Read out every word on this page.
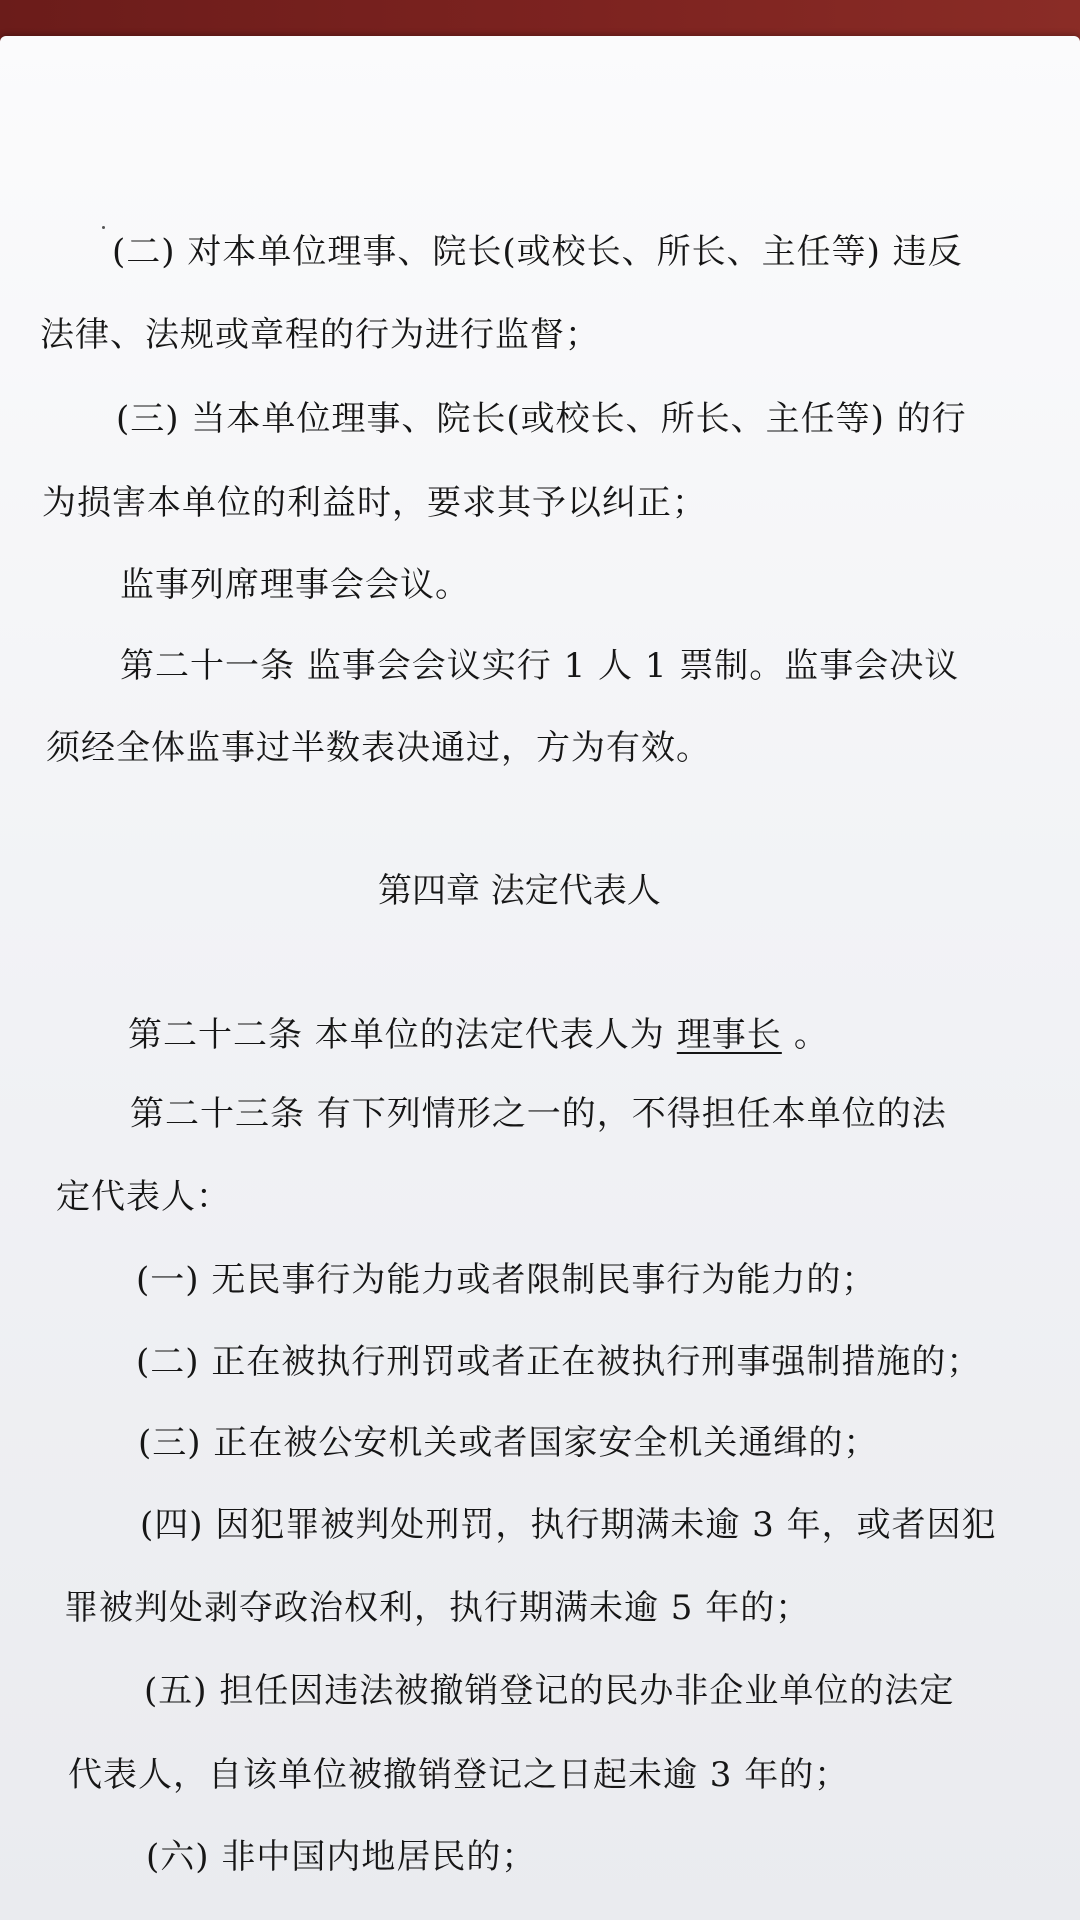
(二) 对本单位理事、院长(或校长、所长、主任等) 违反
法律、法规或章程的行为进行监督；
(三) 当本单位理事、院长(或校长、所长、主任等) 的行
为损害本单位的利益时，要求其予以纠正；
监事列席理事会会议。
第二十一条 监事会会议实行 1 人 1 票制。监事会决议
须经全体监事过半数表决通过，方为有效。
第四章 法定代表人
第二十二条 本单位的法定代表人为 理事长 。
第二十三条 有下列情形之一的，不得担任本单位的法
定代表人：
(一) 无民事行为能力或者限制民事行为能力的；
(二) 正在被执行刑罚或者正在被执行刑事强制措施的；
(三) 正在被公安机关或者国家安全机关通缉的；
(四) 因犯罪被判处刑罚，执行期满未逾 3 年，或者因犯
罪被判处剥夺政治权利，执行期满未逾 5 年的；
(五) 担任因违法被撤销登记的民办非企业单位的法定
代表人，自该单位被撤销登记之日起未逾 3 年的；
(六) 非中国内地居民的；
